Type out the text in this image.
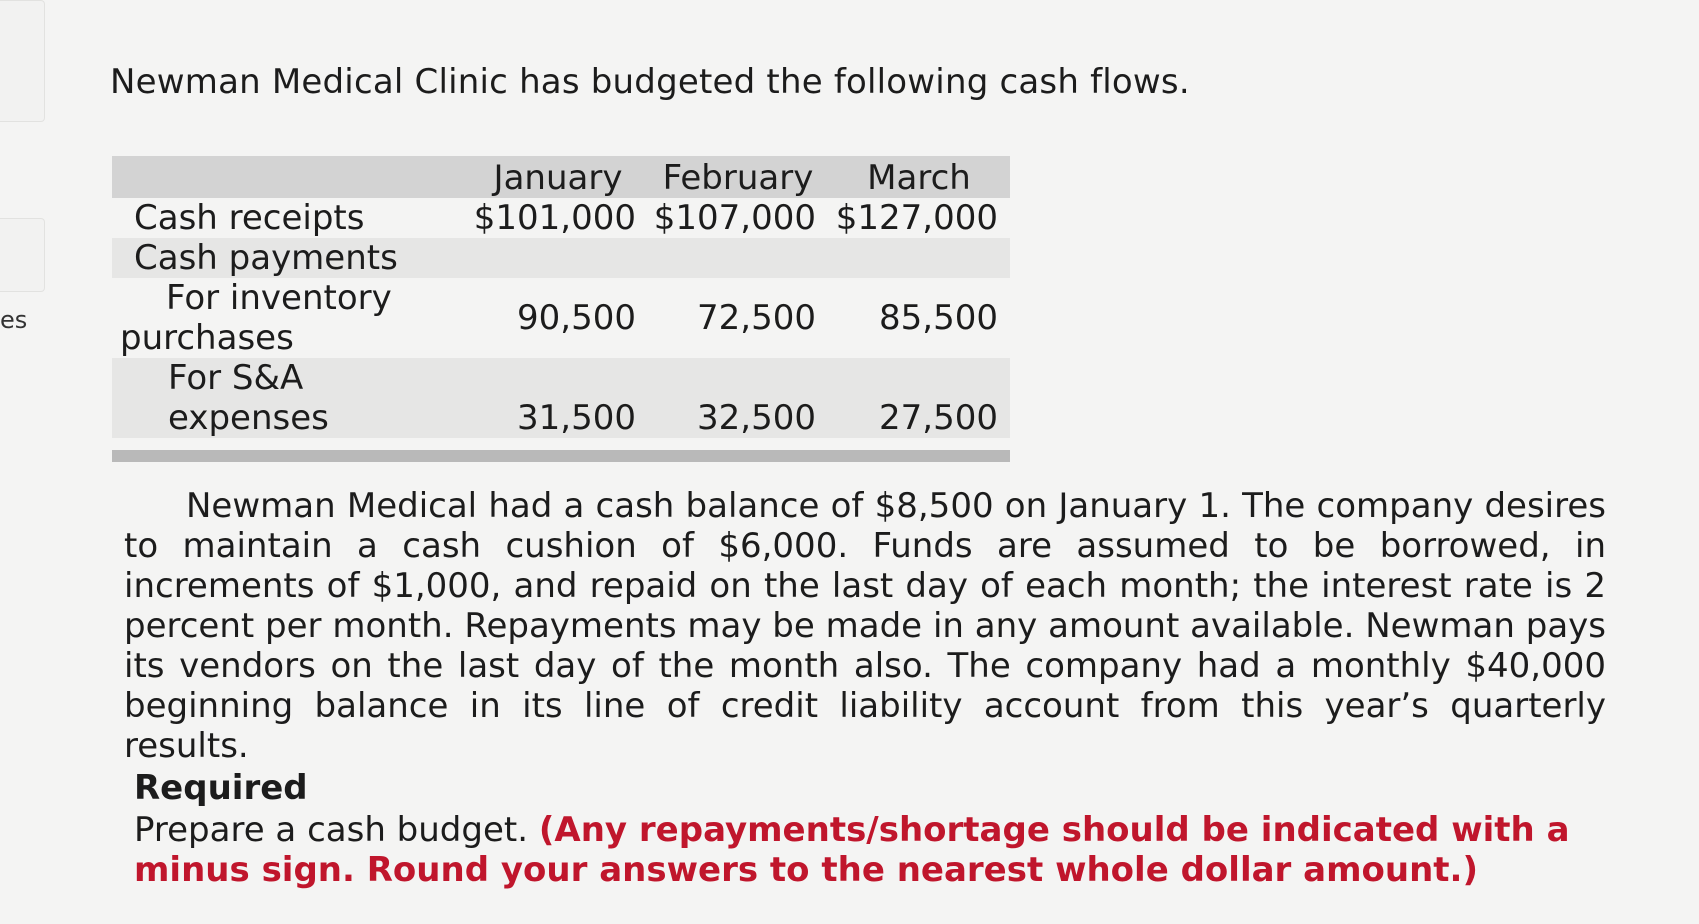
es

Newman Medical Clinic has budgeted the following cash flows.

	January	February	March
Cash receipts	$101,000	$107,000	$127,000
Cash payments			

For inventory
purchases	90,500	72,500	85,500
For S&A expenses	31,500	32,500	27,500

Newman Medical had a cash balance of $8,500 on January 1. The company desires to maintain a cash cushion of $6,000. Funds are assumed to be borrowed, in increments of $1,000, and repaid on the last day of each month; the interest rate is 2 percent per month. Repayments may be made in any amount available. Newman pays its vendors on the last day of the month also. The company had a monthly $40,000 beginning balance in its line of credit liability account from this year’s quarterly results.

Required

Prepare a cash budget. (Any repayments/shortage should be indicated with a minus sign. Round your answers to the nearest whole dollar amount.)
